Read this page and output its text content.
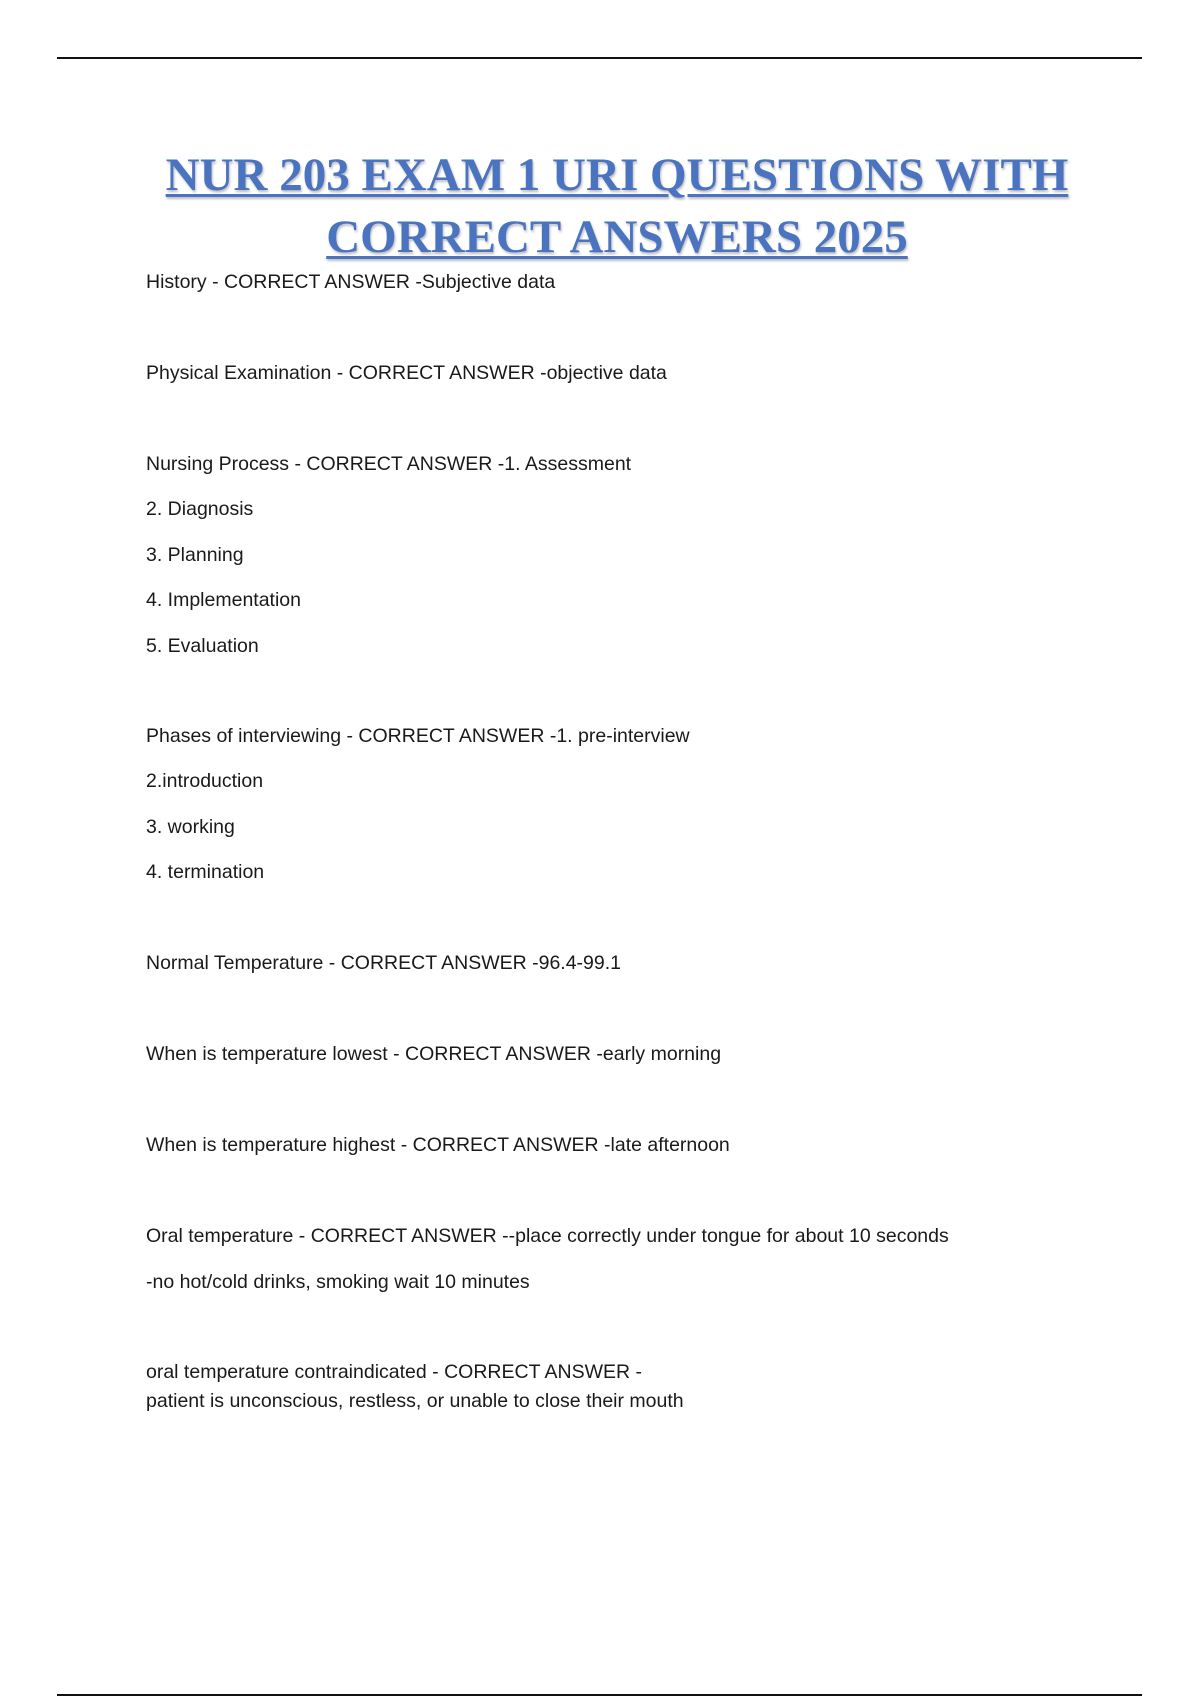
NUR 203 EXAM 1 URI QUESTIONS WITH
CORRECT ANSWERS 2025

History - CORRECT ANSWER -Subjective data

Physical Examination - CORRECT ANSWER -objective data

Nursing Process - CORRECT ANSWER -1. Assessment

2. Diagnosis

3. Planning

4. Implementation

5. Evaluation

Phases of interviewing - CORRECT ANSWER -1. pre-interview

2.introduction

3. working

4. termination

Normal Temperature - CORRECT ANSWER -96.4-99.1

When is temperature lowest - CORRECT ANSWER -early morning

When is temperature highest - CORRECT ANSWER -late afternoon

Oral temperature - CORRECT ANSWER --place correctly under tongue for about 10 seconds

-no hot/cold drinks, smoking wait 10 minutes

oral temperature contraindicated - CORRECT ANSWER -

patient is unconscious, restless, or unable to close their mouth
